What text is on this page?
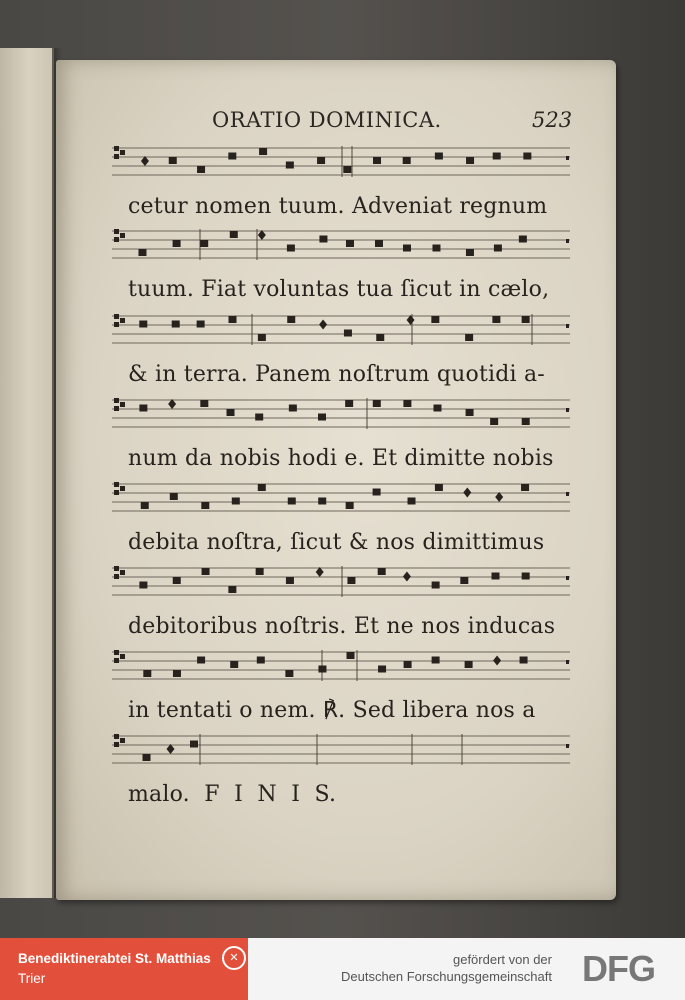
ORATIO DOMINICA.	523
cetur nomen tuum. Adveniat regnum
tuum. Fiat voluntas tua ſicut in cælo,
& in terra. Panem noſtrum quotidi a-
num da nobis hodi e. Et dimitte nobis
debita noſtra, ſicut & nos dimittimus
debitoribus noſtris. Et ne nos inducas
in tentati o nem. ℟. Sed libera nos a
malo.  F  I  N  I  S.
Benediktinerabtei St. Matthias
Trier
✕	gefördert von der
Deutschen Forschungsgemeinschaft DFG
